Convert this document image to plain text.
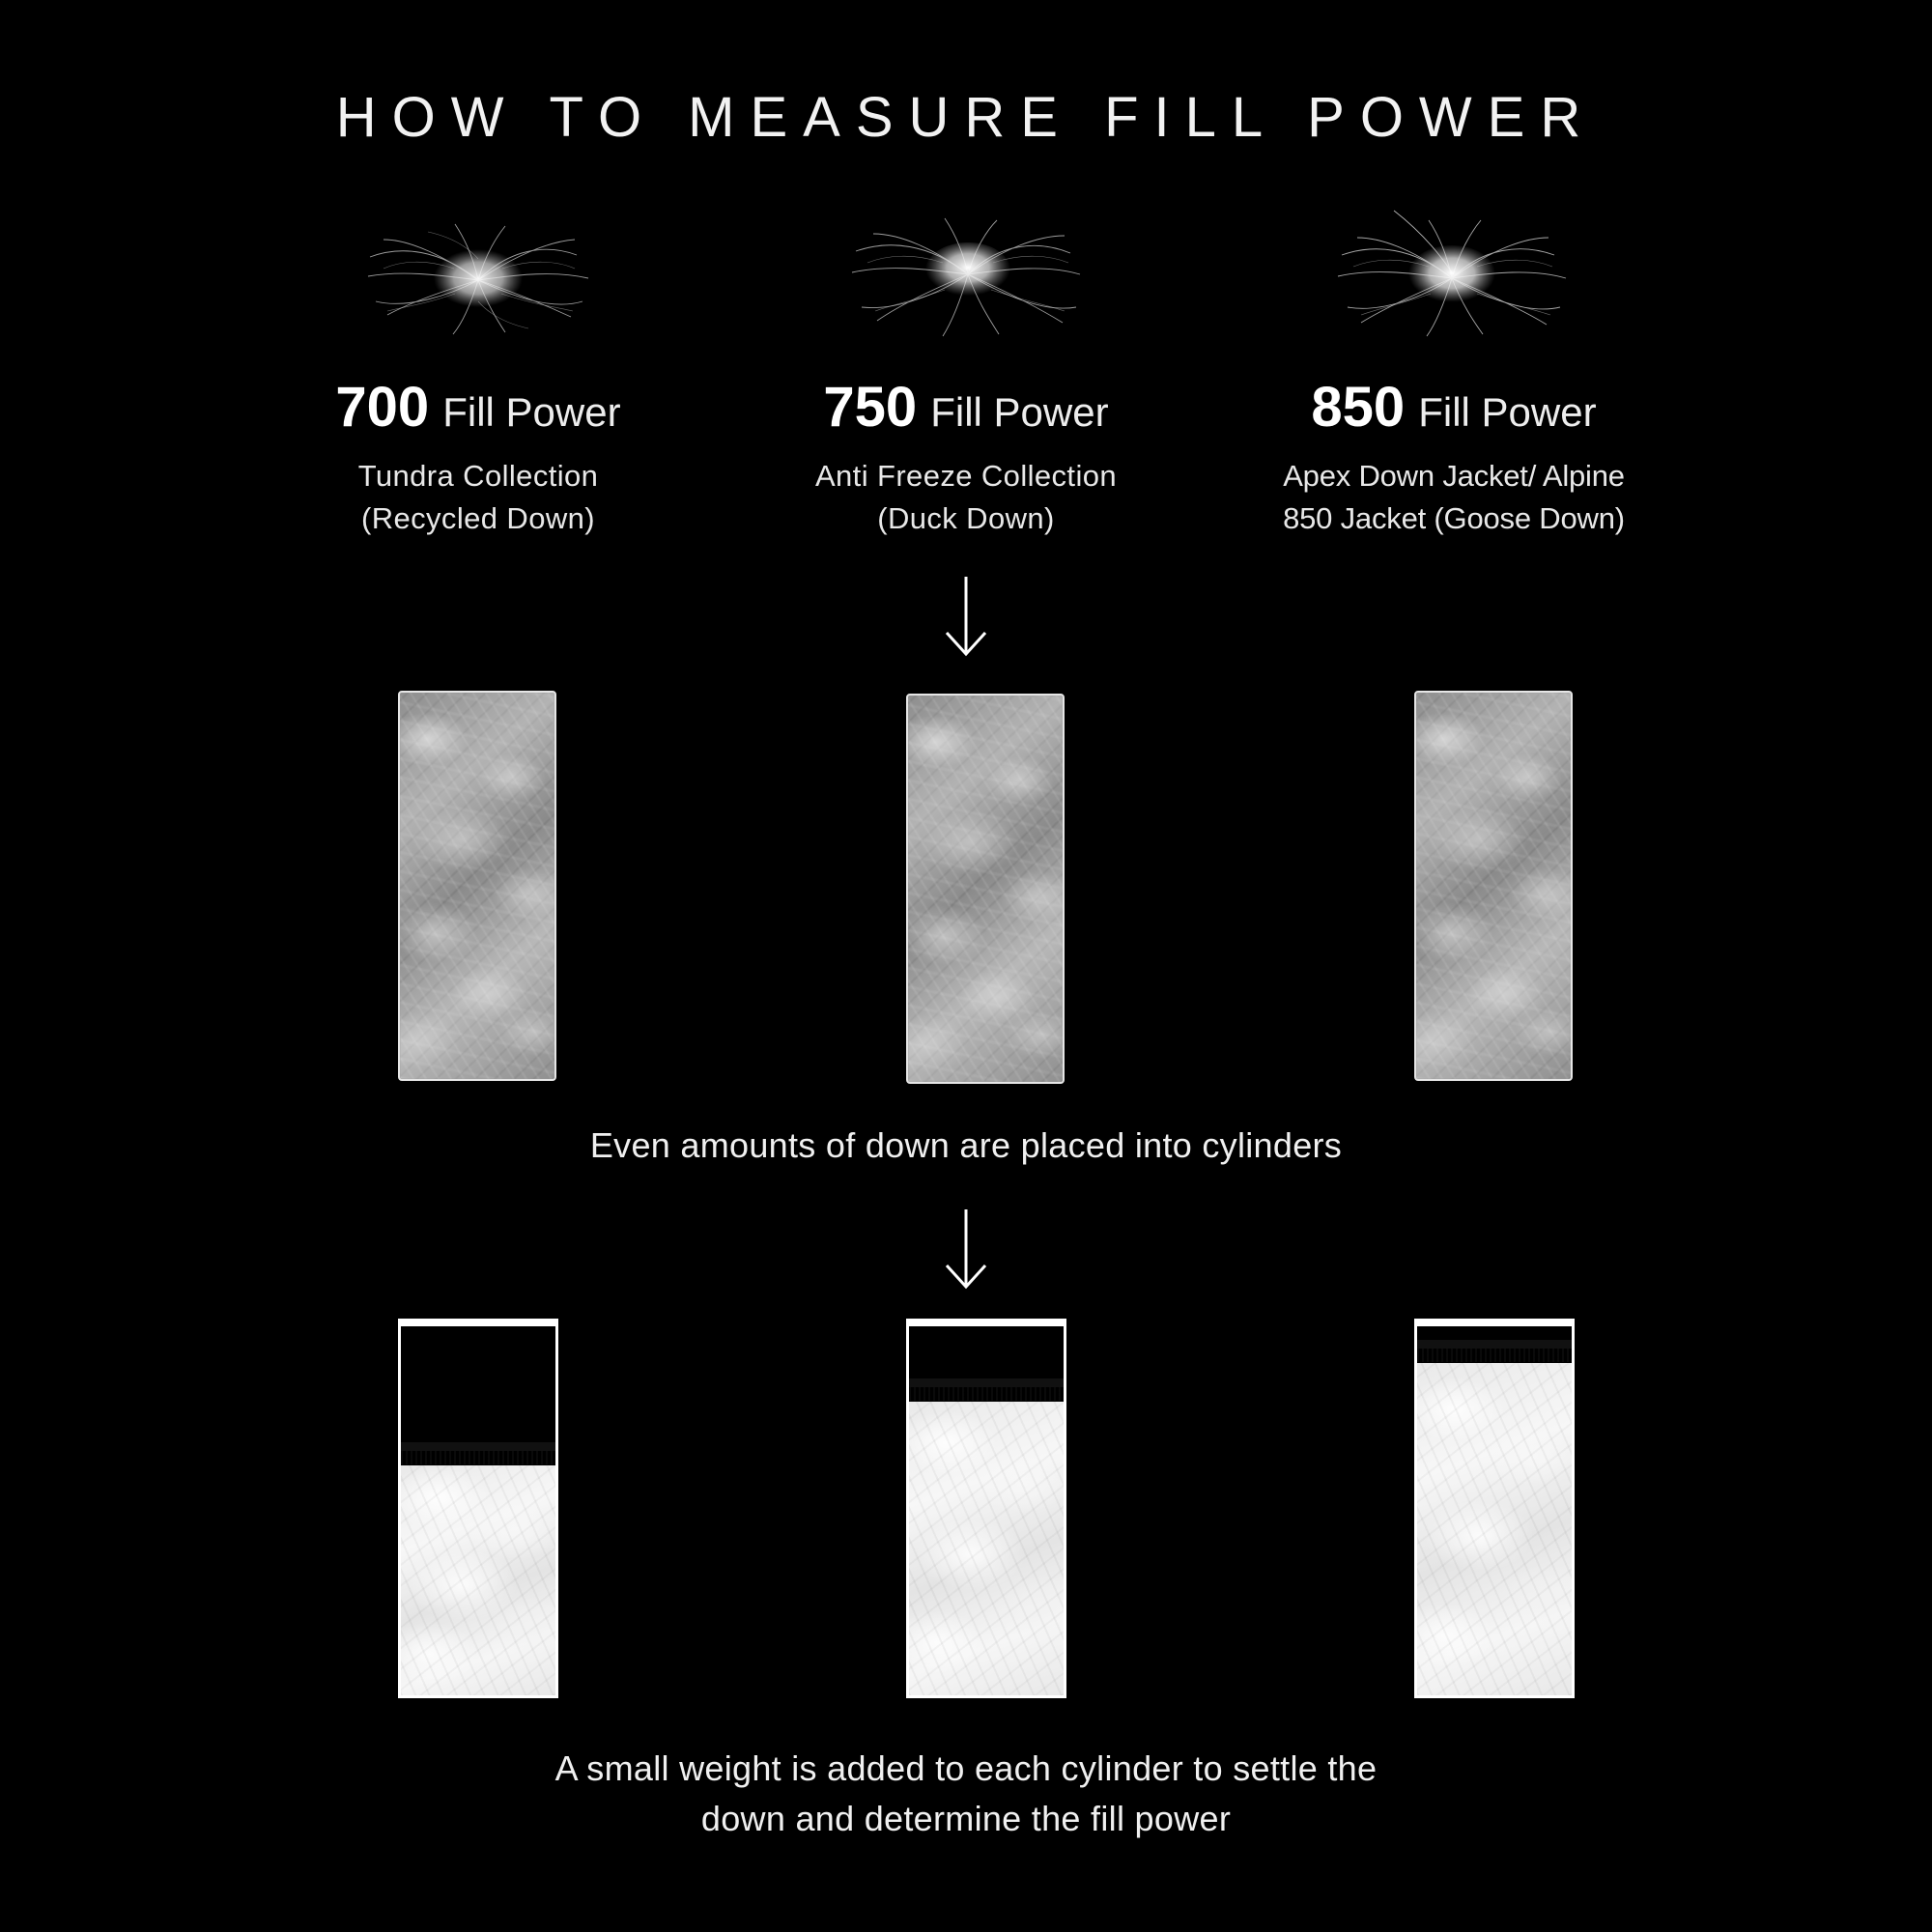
HOW TO MEASURE FILL POWER
700 Fill Power
Tundra Collection
(Recycled Down)
750 Fill Power
Anti Freeze Collection
(Duck Down)
850 Fill Power
Apex Down Jacket/ Alpine
850 Jacket (Goose Down)
Even amounts of down are placed into cylinders
A small weight is added to each cylinder to settle the
down and determine the fill power
